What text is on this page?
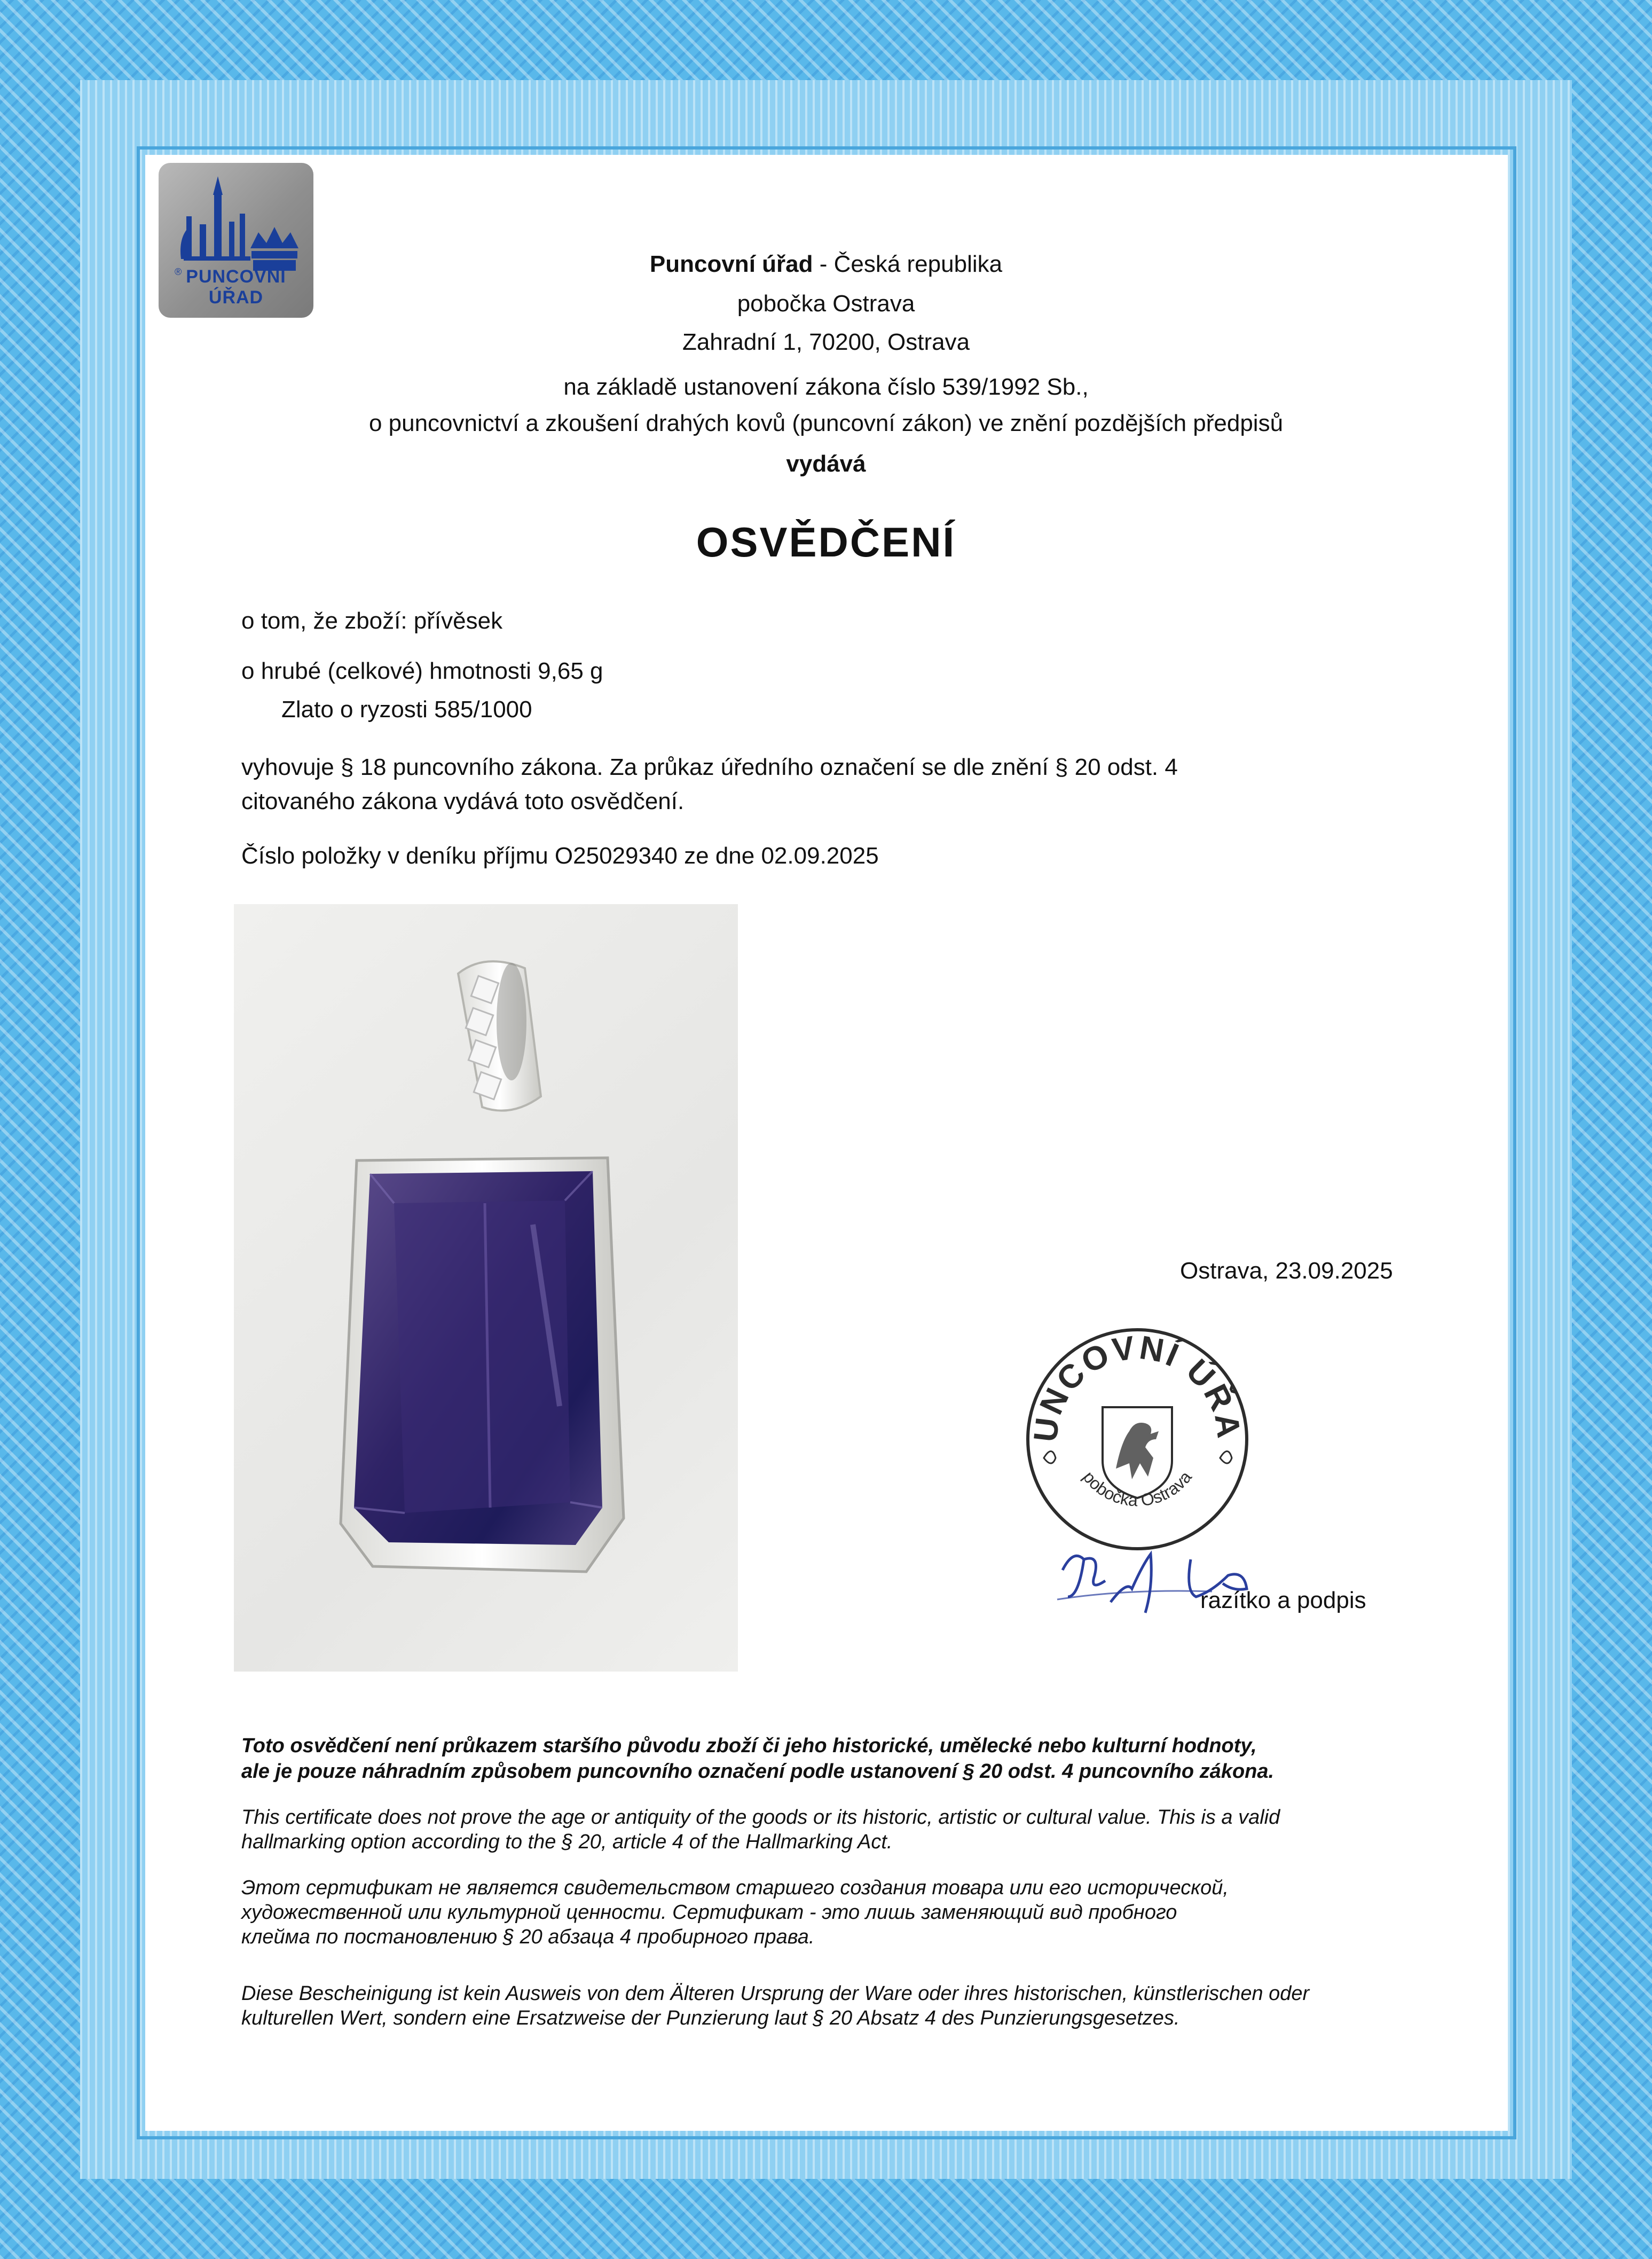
® PUNCOVNÍ ÚŘAD
Puncovní úřad - Česká republika
pobočka Ostrava
Zahradní 1, 70200, Ostrava
na základě ustanovení zákona číslo 539/1992 Sb.,
o puncovnictví a zkoušení drahých kovů (puncovní zákon) ve znění pozdějších předpisů
vydává
OSVĚDČENÍ
o tom, že zboží: přívěsek
o hrubé (celkové) hmotnosti 9,65 g
Zlato o ryzosti 585/1000
vyhovuje § 18 puncovního zákona. Za průkaz úředního označení se dle znění § 20 odst. 4
citovaného zákona vydává toto osvědčení.
Číslo položky v deníku příjmu O25029340 ze dne 02.09.2025
Ostrava, 23.09.2025
UNCOVNÍ ÚŘA
pobočka Ostrava
razítko a podpis
Toto osvědčení není průkazem staršího původu zboží či jeho historické, umělecké nebo kulturní hodnoty,
ale je pouze náhradním způsobem puncovního označení podle ustanovení § 20 odst. 4 puncovního zákona.
This certificate does not prove the age or antiquity of the goods or its historic, artistic or cultural value. This is a valid
hallmarking option according to the § 20, article 4 of the Hallmarking Act.
Этот сертификат не является свидетельством старшего создания товара или его исторической,
художественной или культурной ценности. Сертификат - это лишь заменяющий вид пробного
клейма по постановлению § 20 абзаца 4 пробирного права.
Diese Bescheinigung ist kein Ausweis von dem Älteren Ursprung der Ware oder ihres historischen, künstlerischen oder
kulturellen Wert, sondern eine Ersatzweise der Punzierung laut § 20 Absatz 4 des Punzierungsgesetzes.
